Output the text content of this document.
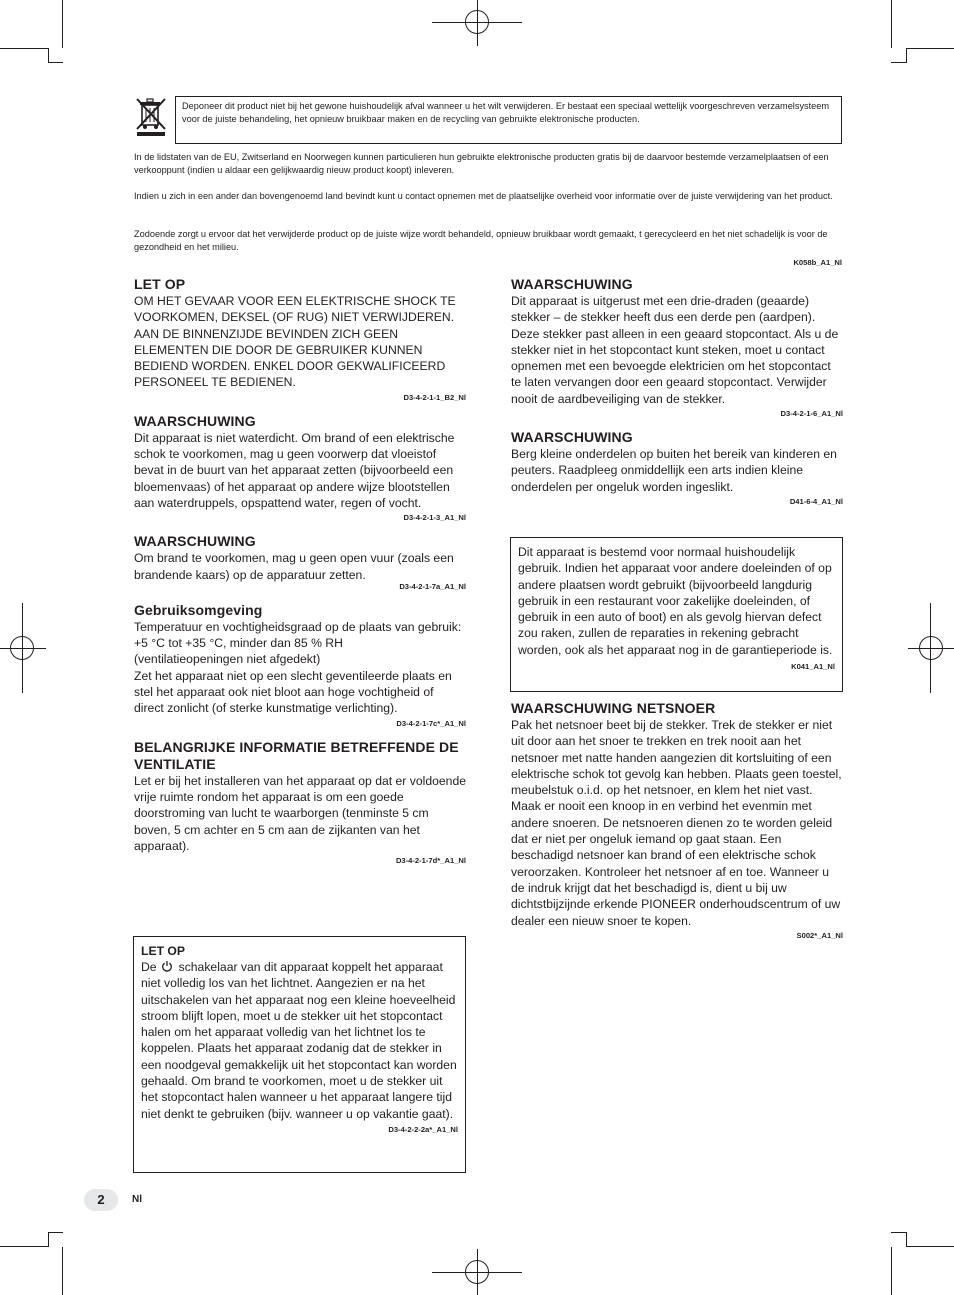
Deponeer dit product niet bij het gewone huishoudelijk afval wanneer u het wilt verwijderen. Er bestaat een speciaal wettelijk voorgeschreven verzamelsysteem voor de juiste behandeling, het opnieuw bruikbaar maken en de recycling van gebruikte elektronische producten.

In de lidstaten van de EU, Zwitserland en Noorwegen kunnen particulieren hun gebruikte elektronische producten gratis bij de daarvoor bestemde verzamelplaatsen of een verkooppunt (indien u aldaar een gelijkwaardig nieuw product koopt) inleveren.

Indien u zich in een ander dan bovengenoemd land bevindt kunt u contact opnemen met de plaatselijke overheid voor informatie over de juiste verwijdering van het product.

Zodoende zorgt u ervoor dat het verwijderde product op de juiste wijze wordt behandeld, opnieuw bruikbaar wordt gemaakt, t gerecycleerd en het niet schadelijk is voor de gezondheid en het milieu.

K058b_A1_Nl
LET OP

OM HET GEVAAR VOOR EEN ELEKTRISCHE SHOCK TE VOORKOMEN, DEKSEL (OF RUG) NIET VERWIJDEREN. AAN DE BINNENZIJDE BEVINDEN ZICH GEEN ELEMENTEN DIE DOOR DE GEBRUIKER KUNNEN BEDIEND WORDEN. ENKEL DOOR GEKWALIFICEERD PERSONEEL TE BEDIENEN.

D3-4-2-1-1_B2_Nl
WAARSCHUWING

Dit apparaat is niet waterdicht. Om brand of een elektrische schok te voorkomen, mag u geen voorwerp dat vloeistof bevat in de buurt van het apparaat zetten (bijvoorbeeld een bloemenvaas) of het apparaat op andere wijze blootstellen aan waterdruppels, opspattend water, regen of vocht.

D3-4-2-1-3_A1_Nl
WAARSCHUWING

Om brand te voorkomen, mag u geen open vuur (zoals een brandende kaars) op de apparatuur zetten.

D3-4-2-1-7a_A1_Nl
Gebruiksomgeving

Temperatuur en vochtigheidsgraad op de plaats van gebruik:

+5 °C tot +35 °C, minder dan 85 % RH

(ventilatieopeningen niet afgedekt)

Zet het apparaat niet op een slecht geventileerde plaats en stel het apparaat ook niet bloot aan hoge vochtigheid of direct zonlicht (of sterke kunstmatige verlichting).

D3-4-2-1-7c*_A1_Nl
BELANGRIJKE INFORMATIE BETREFFENDE DE VENTILATIE

Let er bij het installeren van het apparaat op dat er voldoende vrije ruimte rondom het apparaat is om een goede doorstroming van lucht te waarborgen (tenminste 5 cm boven, 5 cm achter en 5 cm aan de zijkanten van het apparaat).

D3-4-2-1-7d*_A1_Nl
LET OP

De schakelaar van dit apparaat koppelt het apparaat niet volledig los van het lichtnet. Aangezien er na het uitschakelen van het apparaat nog een kleine hoeveelheid stroom blijft lopen, moet u de stekker uit het stopcontact halen om het apparaat volledig van het lichtnet los te koppelen. Plaats het apparaat zodanig dat de stekker in een noodgeval gemakkelijk uit het stopcontact kan worden gehaald. Om brand te voorkomen, moet u de stekker uit het stopcontact halen wanneer u het apparaat langere tijd niet denkt te gebruiken (bijv. wanneer u op vakantie gaat).

D3-4-2-2-2a*_A1_Nl
WAARSCHUWING

Dit apparaat is uitgerust met een drie-draden (geaarde) stekker – de stekker heeft dus een derde pen (aardpen). Deze stekker past alleen in een geaard stopcontact. Als u de stekker niet in het stopcontact kunt steken, moet u contact opnemen met een bevoegde elektricien om het stopcontact te laten vervangen door een geaard stopcontact. Verwijder nooit de aardbeveiliging van de stekker.

D3-4-2-1-6_A1_Nl
WAARSCHUWING

Berg kleine onderdelen op buiten het bereik van kinderen en peuters. Raadpleeg onmiddellijk een arts indien kleine onderdelen per ongeluk worden ingeslikt.

D41-6-4_A1_Nl

Dit apparaat is bestemd voor normaal huishoudelijk gebruik. Indien het apparaat voor andere doeleinden of op andere plaatsen wordt gebruikt (bijvoorbeeld langdurig gebruik in een restaurant voor zakelijke doeleinden, of gebruik in een auto of boot) en als gevolg hiervan defect zou raken, zullen de reparaties in rekening gebracht worden, ook als het apparaat nog in de garantieperiode is.

K041_A1_Nl
WAARSCHUWING NETSNOER

Pak het netsnoer beet bij de stekker. Trek de stekker er niet uit door aan het snoer te trekken en trek nooit aan het netsnoer met natte handen aangezien dit kortsluiting of een elektrische schok tot gevolg kan hebben. Plaats geen toestel, meubelstuk o.i.d. op het netsnoer, en klem het niet vast. Maak er nooit een knoop in en verbind het evenmin met andere snoeren. De netsnoeren dienen zo te worden geleid dat er niet per ongeluk iemand op gaat staan. Een beschadigd netsnoer kan brand of een elektrische schok veroorzaken. Kontroleer het netsnoer af en toe. Wanneer u de indruk krijgt dat het beschadigd is, dient u bij uw dichtstbijzijnde erkende PIONEER onderhoudscentrum of uw dealer een nieuw snoer te kopen.

S002*_A1_Nl
2	Nl
